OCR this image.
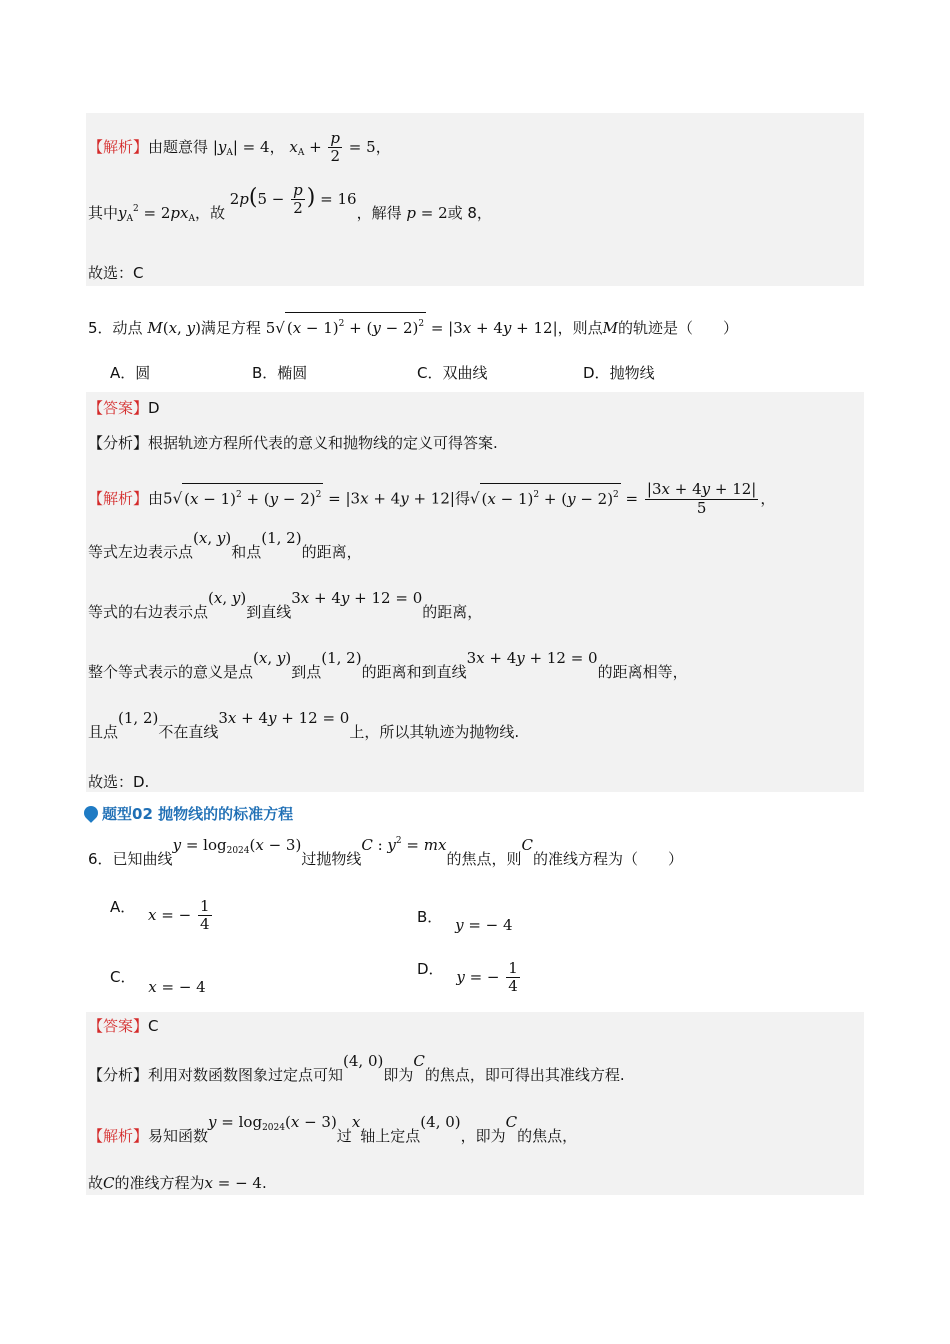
【解析】由题意得 $|y_A| = 4$， $x_A + \frac{p}{2} = 5$，
其中$y_A^2 = 2px_A$，故 $2p(5 - \frac{p}{2}$ ) = 16，解得 p = 2或 8，
故选：C
5．动点 M(x, y)满足方程 5√ $(x - 1)^2 + (y - 2)^2 = |3x + 4y + 12|$，则点M的轨迹是（　　）
A．圆	B．椭圆	C．双曲线	D．抛物线
【答案】D
【分析】根据轨迹方程所代表的意义和抛物线的定义可得答案.
【解析】由5√ $(x - 1)^2 + (y - 2)^2 = |3x + 4y + 12|$得√ $(x - 1)^2 + (y - 2)^2 = \frac{|3x + 4y + 12|}{5}$ ，
等式左边表示点(x, y)和点(1, 2)的距离，
等式的右边表示点(x, y)到直线3x + 4y + 12 = 0的距离，
整个等式表示的意义是点(x, y)到点(1, 2)的距离和到直线3x + 4y + 12 = 0的距离相等，
且点(1, 2)不在直线3x + 4y + 12 = 0上，所以其轨迹为抛物线.
故选：D.
题型02 抛物线的的标准方程
6．已知曲线$y = \log_{2024}(x - 3)$过抛物线C : $y^2$ = mx的焦点，则C的准线方程为（　　）
A． x = − $\frac{1}{4}$	B． y = − 4
C． x = − 4
D． y = − $\frac{1}{4}$
【答案】C
【分析】利用对数函数图象过定点可知(4, 0)即为C的焦点，即可得出其准线方程.
【解析】易知函数$y = \log_{2024}(x - 3)$过x轴上定点(4, 0)，即为C的焦点，
故C的准线方程为x = − 4.
